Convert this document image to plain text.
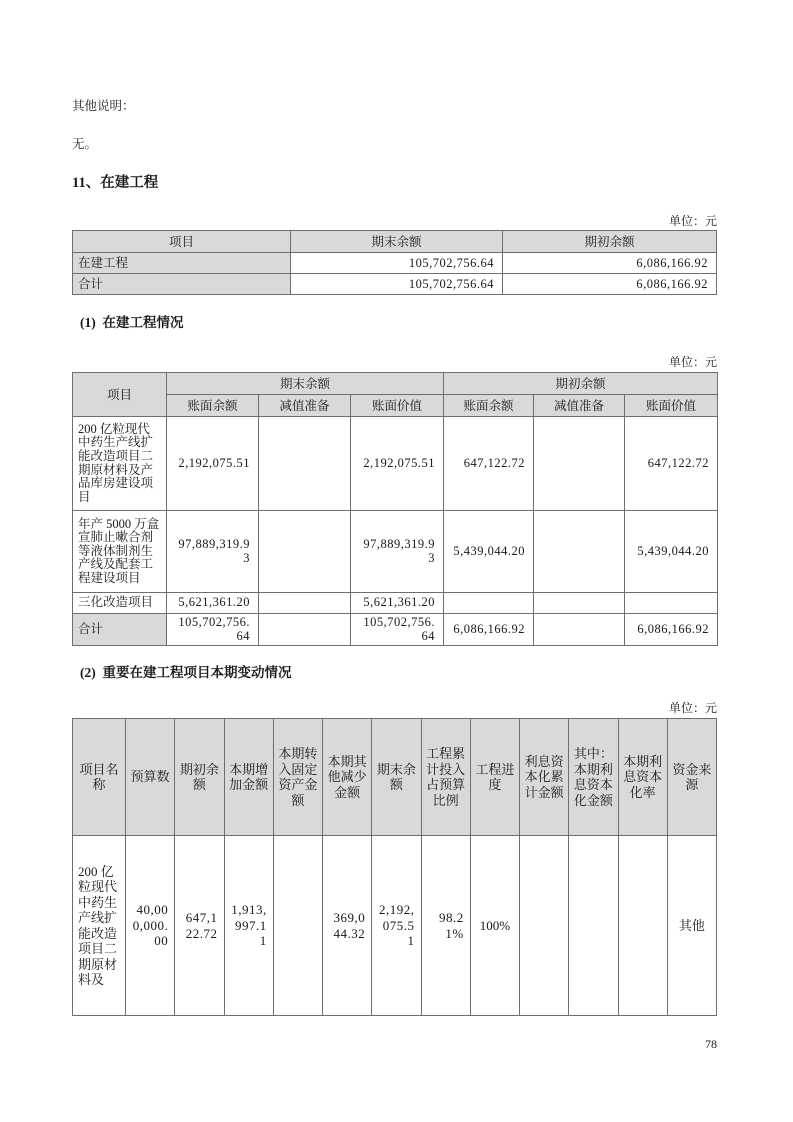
其他说明：
无。
11、在建工程
单位：元
项目	期末余额	期初余额
在建工程	105,702,756.64	6,086,166.92
合计	105,702,756.64	6,086,166.92
(1)  在建工程情况
单位：元
项目	期末余额			期初余额		
	账面余额	减值准备	账面价值	账面余额	减值准备	账面价值
200 亿粒现代中药生产线扩能改造项目二期原材料及产品库房建设项目	2,192,075.51		2,192,075.51	647,122.72		647,122.72
年产 5000 万盒宣肺止嗽合剂等液体制剂生产线及配套工程建设项目	97,889,319.93		97,889,319.93	5,439,044.20		5,439,044.20
三化改造项目	5,621,361.20		5,621,361.20			
合计	105,702,756.64		105,702,756.64	6,086,166.92		6,086,166.92
(2)  重要在建工程项目本期变动情况
单位：元
项目名称	预算数	期初余额	本期增加金额	本期转入固定资产金额	本期其他减少金额	期末余额	工程累计投入占预算比例	工程进度	利息资本化累计金额	其中：本期利息资本化金额	本期利息资本化率	资金来源
200 亿粒现代中药生产线扩能改造项目二期原材料及	40,000,000.00	647,122.72	1,913,997.11		369,044.32	2,192,075.51	98.21%	100%				其他
78
